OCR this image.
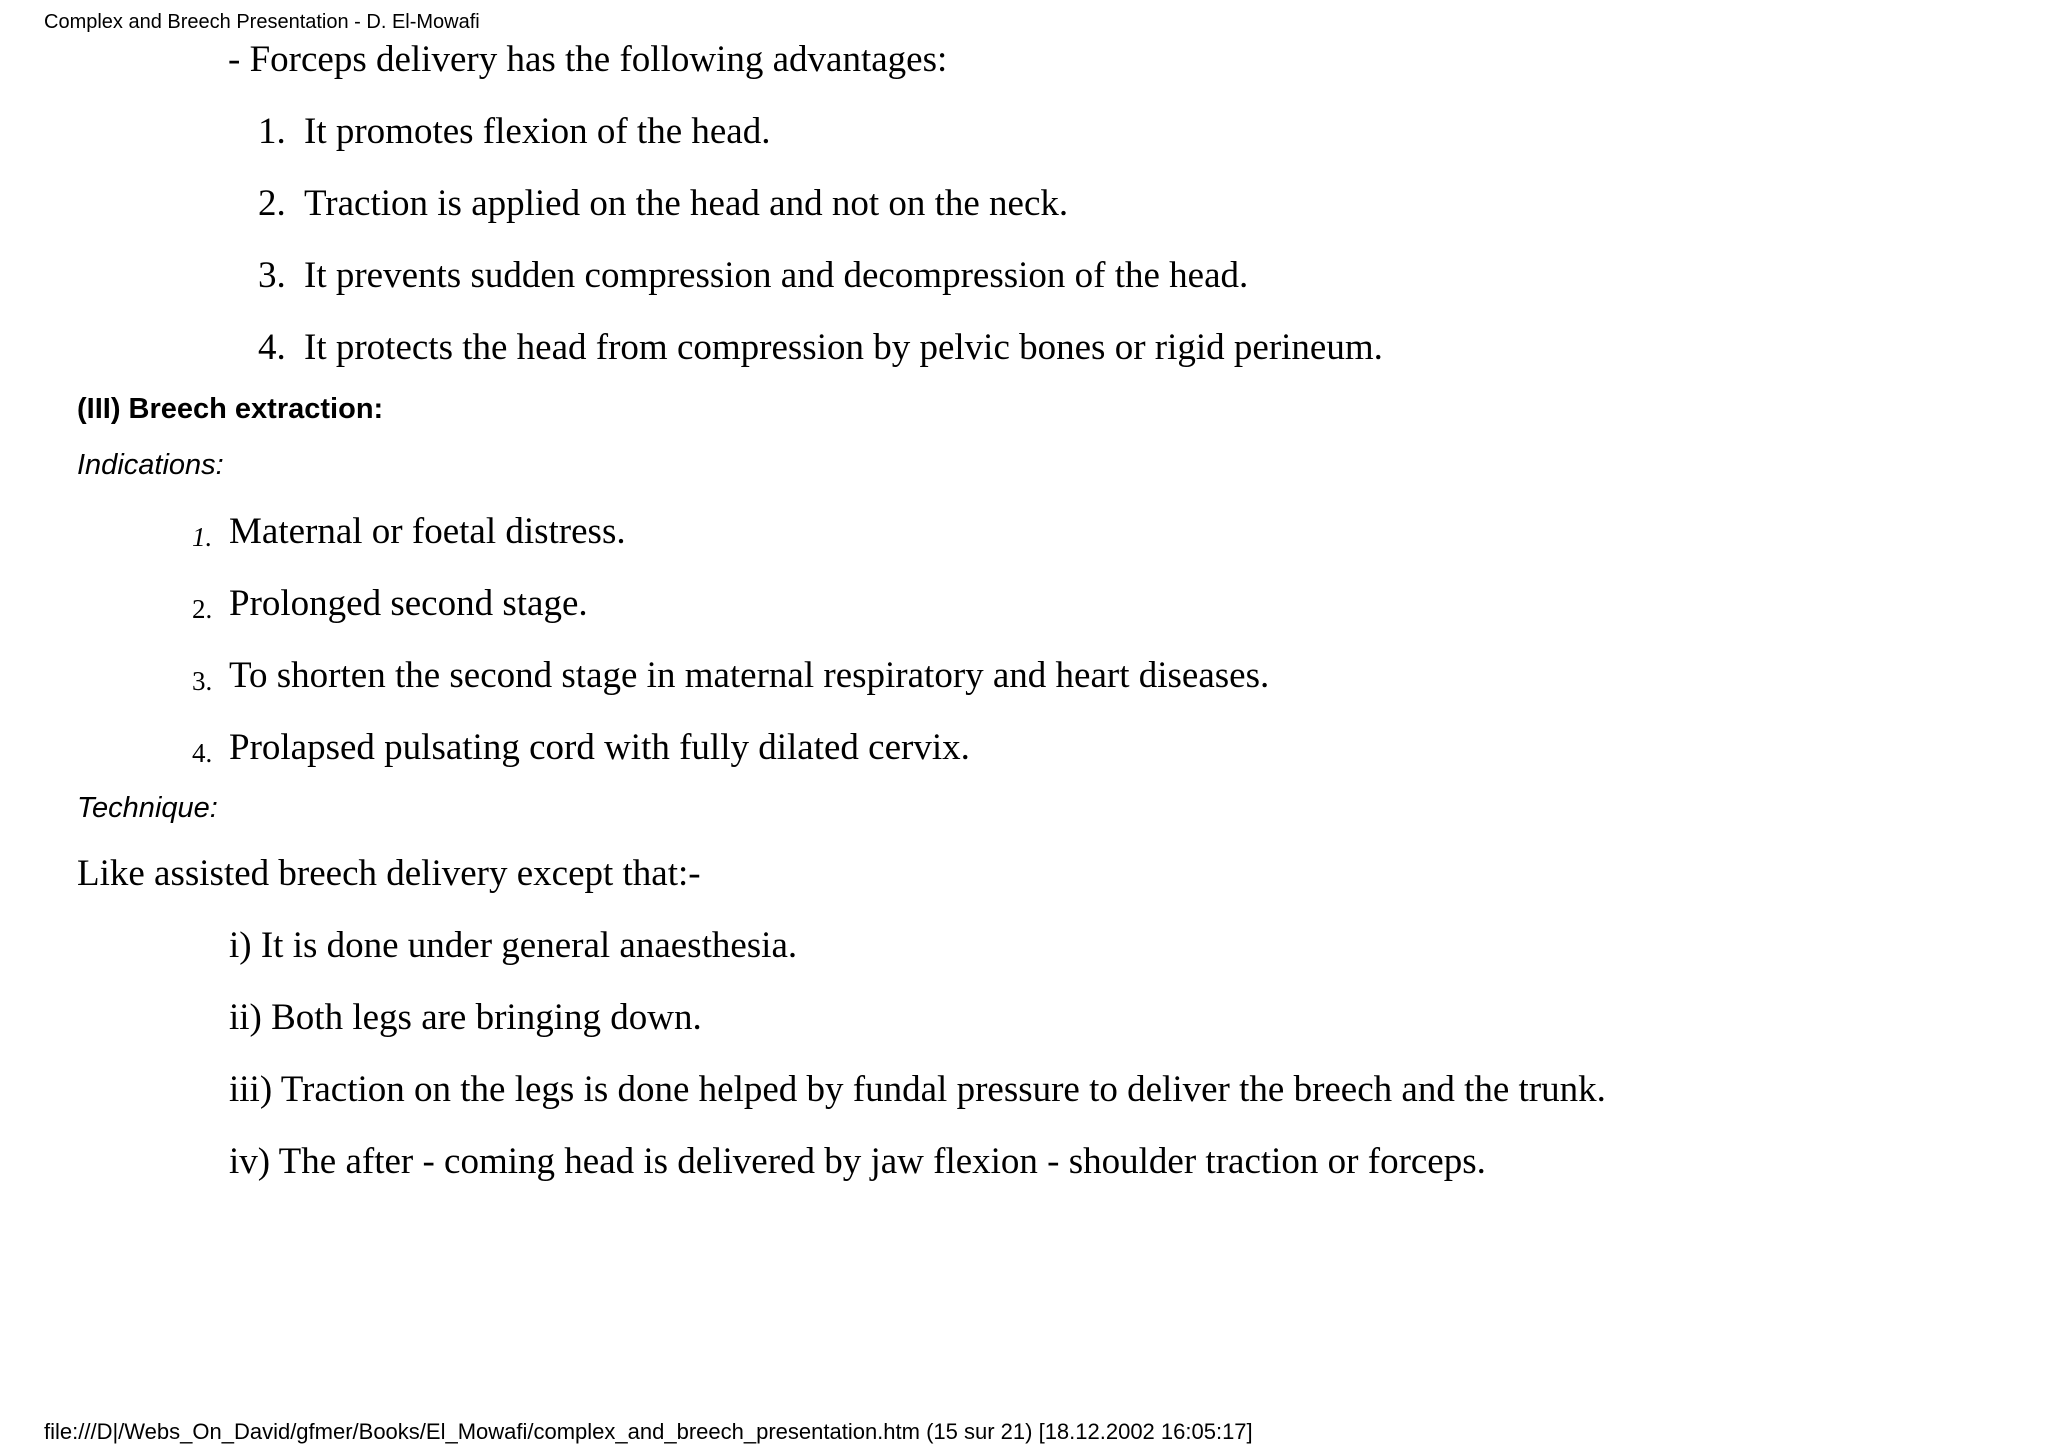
Complex and Breech Presentation - D. El-Mowafi
- Forceps delivery has the following advantages:
1. It promotes flexion of the head.
2. Traction is applied on the head and not on the neck.
3. It prevents sudden compression and decompression of the head.
4. It protects the head from compression by pelvic bones or rigid perineum.
(III) Breech extraction:
Indications:
1. Maternal or foetal distress.
2. Prolonged second stage.
3. To shorten the second stage in maternal respiratory and heart diseases.
4. Prolapsed pulsating cord with fully dilated cervix.
Technique:
Like assisted breech delivery except that:-
i) It is done under general anaesthesia.
ii) Both legs are bringing down.
iii) Traction on the legs is done helped by fundal pressure to deliver the breech and the trunk.
iv) The after - coming head is delivered by jaw flexion - shoulder traction or forceps.
file:///D|/Webs_On_David/gfmer/Books/El_Mowafi/complex_and_breech_presentation.htm (15 sur 21) [18.12.2002 16:05:17]
